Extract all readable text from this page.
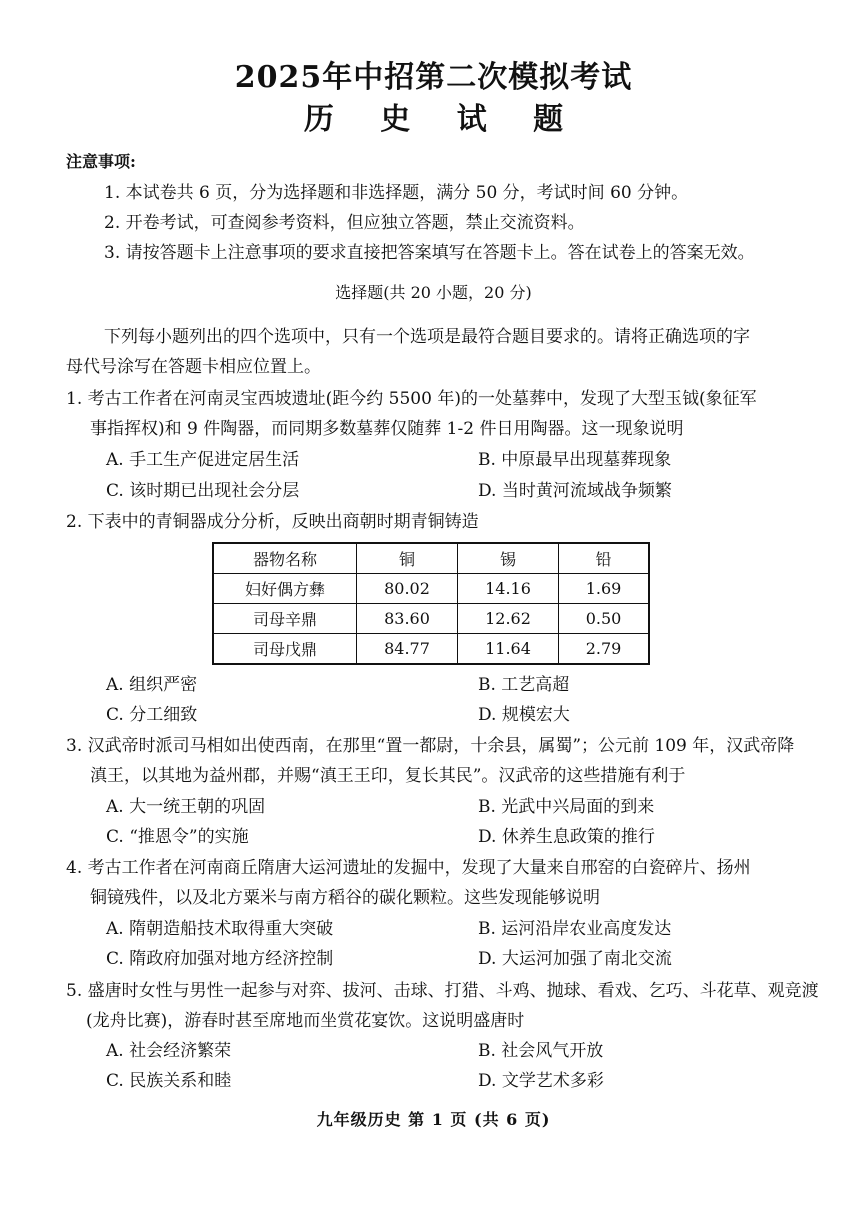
2025年中招第二次模拟考试
历 史 试 题
注意事项:
1. 本试卷共 6 页，分为选择题和非选择题，满分 50 分，考试时间 60 分钟。
2. 开卷考试，可查阅参考资料，但应独立答题，禁止交流资料。
3. 请按答题卡上注意事项的要求直接把答案填写在答题卡上。答在试卷上的答案无效。
选择题(共 20 小题，20 分)
下列每小题列出的四个选项中，只有一个选项是最符合题目要求的。请将正确选项的字
母代号涂写在答题卡相应位置上。
1. 考古工作者在河南灵宝西坡遗址(距今约 5500 年)的一处墓葬中，发现了大型玉钺(象征军
事指挥权)和 9 件陶器，而同期多数墓葬仅随葬 1-2 件日用陶器。这一现象说明
A. 手工生产促进定居生活	B. 中原最早出现墓葬现象
C. 该时期已出现社会分层	D. 当时黄河流域战争频繁
2. 下表中的青铜器成分分析，反映出商朝时期青铜铸造
器物名称	铜	锡	铅
妇好偶方彝	80.02	14.16	1.69
司母辛鼎	83.60	12.62	0.50
司母戊鼎	84.77	11.64	2.79
A. 组织严密	B. 工艺高超
C. 分工细致	D. 规模宏大
3. 汉武帝时派司马相如出使西南，在那里“置一都尉，十余县，属蜀”；公元前 109 年，汉武帝降
滇王，以其地为益州郡，并赐“滇王王印，复长其民”。汉武帝的这些措施有利于
A. 大一统王朝的巩固	B. 光武中兴局面的到来
C. “推恩令”的实施	D. 休养生息政策的推行
4. 考古工作者在河南商丘隋唐大运河遗址的发掘中，发现了大量来自邢窑的白瓷碎片、扬州
铜镜残件，以及北方粟米与南方稻谷的碳化颗粒。这些发现能够说明
A. 隋朝造船技术取得重大突破	B. 运河沿岸农业高度发达
C. 隋政府加强对地方经济控制	D. 大运河加强了南北交流
5. 盛唐时女性与男性一起参与对弈、拔河、击球、打猎、斗鸡、抛球、看戏、乞巧、斗花草、观竞渡
(龙舟比赛)，游春时甚至席地而坐赏花宴饮。这说明盛唐时
A. 社会经济繁荣	B. 社会风气开放
C. 民族关系和睦	D. 文学艺术多彩
九年级历史 第 1 页 (共 6 页)
